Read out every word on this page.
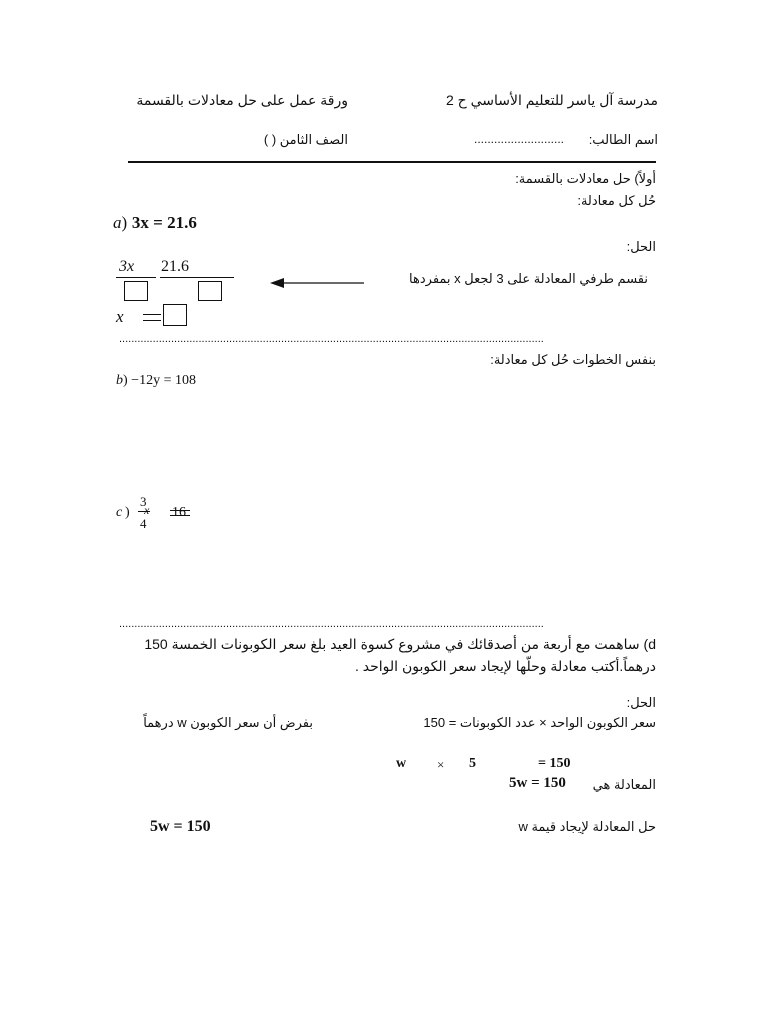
مدرسة آل ياسر للتعليم الأساسي ح 2
ورقة عمل على حل معادلات بالقسمة
اسم الطالب:
...........................
الصف الثامن ( )
أولاً) حل معادلات بالقسمة:
حُل كل معادلة:
a) 3x = 21.6
الحل:
3x 21.6
نقسم طرفي المعادلة على 3 لجعل x بمفردها
x
...........................................................................................................................................
بنفس الخطوات حُل كل معادلة:
b) −12y = 108
c )
3
4
x 16
...........................................................................................................................................
d) ساهمت مع أربعة من أصدقائك في مشروع كسوة العيد بلغ سعر الكوبونات الخمسة 150
درهماً.أكتب معادلة وحلّها لإيجاد سعر الكوبون الواحد .
الحل:
سعر الكوبون الواحد × عدد الكوبونات = 150
بفرض أن سعر الكوبون w درهماً
w × 5	= 150
المعادلة هي
5w = 150
حل المعادلة لإيجاد قيمة w
5w = 150
